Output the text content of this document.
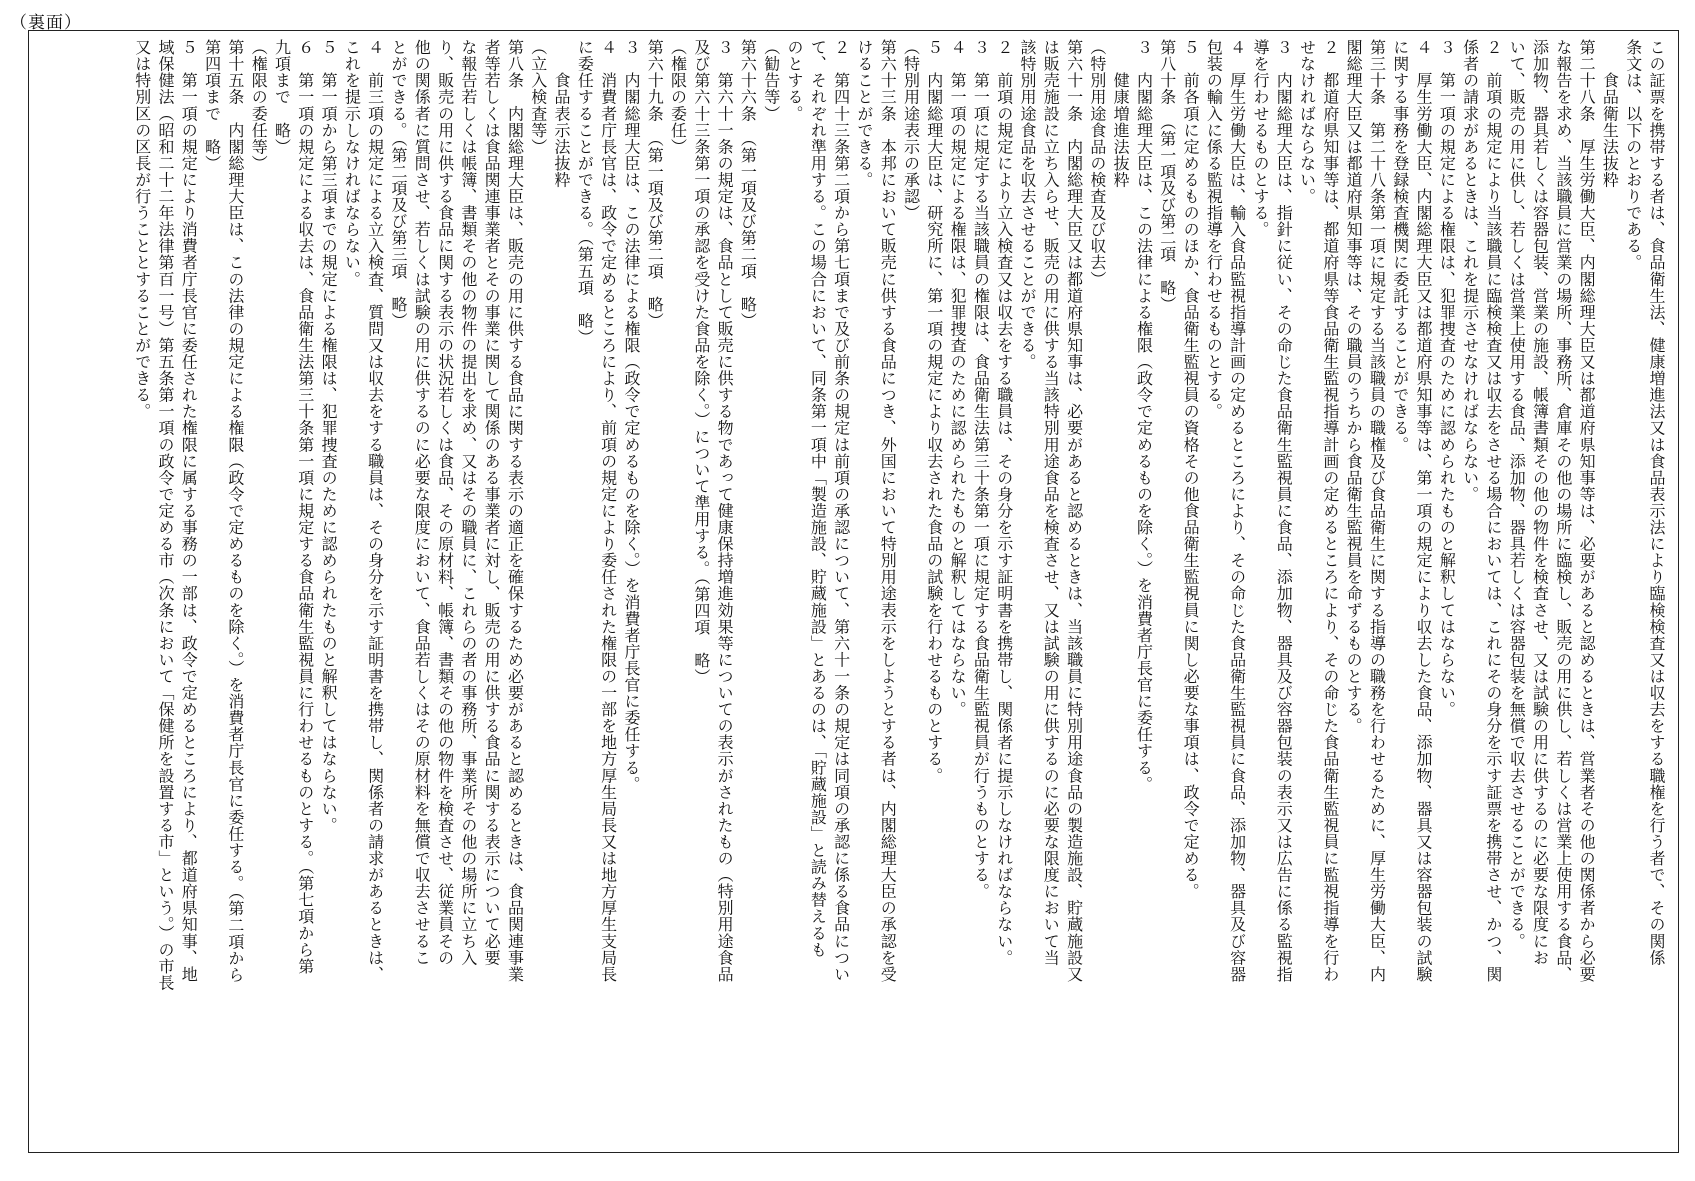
（裏面）

この証票を携帯する者は、食品衛生法、健康増進法又は食品表示法により臨検検査又は収去をする職権を行う者で、その関係

条文は、以下のとおりである。

　　食品衛生法抜粋

第二十八条　厚生労働大臣、内閣総理大臣又は都道府県知事等は、必要があると認めるときは、営業者その他の関係者から必要

な報告を求め、当該職員に営業の場所、事務所、倉庫その他の場所に臨検し、販売の用に供し、若しくは営業上使用する食品、

添加物、器具若しくは容器包装、営業の施設、帳簿書類その他の物件を検査させ、又は試験の用に供するのに必要な限度にお

いて、販売の用に供し、若しくは営業上使用する食品、添加物、器具若しくは容器包装を無償で収去させることができる。

２　前項の規定により当該職員に臨検検査又は収去をさせる場合においては、これにその身分を示す証票を携帯させ、かつ、関

係者の請求があるときは、これを提示させなければならない。

３　第一項の規定による権限は、犯罪捜査のために認められたものと解釈してはならない。

４　厚生労働大臣、内閣総理大臣又は都道府県知事等は、第一項の規定により収去した食品、添加物、器具又は容器包装の試験

に関する事務を登録検査機関に委託することができる。

第三十条　第二十八条第一項に規定する当該職員の職権及び食品衛生に関する指導の職務を行わせるために、厚生労働大臣、内

閣総理大臣又は都道府県知事等は、その職員のうちから食品衛生監視員を命ずるものとする。

２　都道府県知事等は、都道府県等食品衛生監視指導計画の定めるところにより、その命じた食品衛生監視員に監視指導を行わ

せなければならない。

３　内閣総理大臣は、指針に従い、その命じた食品衛生監視員に食品、添加物、器具及び容器包装の表示又は広告に係る監視指

導を行わせるものとする。

４　厚生労働大臣は、輸入食品監視指導計画の定めるところにより、その命じた食品衛生監視員に食品、添加物、器具及び容器

包装の輸入に係る監視指導を行わせるものとする。

５　前各項に定めるもののほか、食品衛生監視員の資格その他食品衛生監視員に関し必要な事項は、政令で定める。

第八十条　（第一項及び第二項　略）

３　内閣総理大臣は、この法律による権限（政令で定めるものを除く。）を消費者庁長官に委任する。

　　健康増進法抜粋

（特別用途食品の検査及び収去）

第六十一条　内閣総理大臣又は都道府県知事は、必要があると認めるときは、当該職員に特別用途食品の製造施設、貯蔵施設又

は販売施設に立ち入らせ、販売の用に供する当該特別用途食品を検査させ、又は試験の用に供するのに必要な限度において当

該特別用途食品を収去させることができる。

２　前項の規定により立入検査又は収去をする職員は、その身分を示す証明書を携帯し、関係者に提示しなければならない。

３　第一項に規定する当該職員の権限は、食品衛生法第三十条第一項に規定する食品衛生監視員が行うものとする。

４　第一項の規定による権限は、犯罪捜査のために認められたものと解釈してはならない。

５　内閣総理大臣は、研究所に、第一項の規定により収去された食品の試験を行わせるものとする。

（特別用途表示の承認）

第六十三条　本邦において販売に供する食品につき、外国において特別用途表示をしようとする者は、内閣総理大臣の承認を受

けることができる。

２　第四十三条第二項から第七項まで及び前条の規定は前項の承認について、第六十一条の規定は同項の承認に係る食品につい

て、それぞれ準用する。この場合において、同条第一項中「製造施設、貯蔵施設」とあるのは、「貯蔵施設」と読み替えるも

のとする。

（勧告等）

第六十六条　（第一項及び第二項　略）

３　第六十一条の規定は、食品として販売に供する物であって健康保持増進効果等についての表示がされたもの（特別用途食品

及び第六十三条第一項の承認を受けた食品を除く。）について準用する。（第四項　略）

（権限の委任）

第六十九条　（第一項及び第二項　略）

３　内閣総理大臣は、この法律による権限（政令で定めるものを除く。）を消費者庁長官に委任する。

４　消費者庁長官は、政令で定めるところにより、前項の規定により委任された権限の一部を地方厚生局長又は地方厚生支局長

に委任することができる。（第五項　略）

　　食品表示法抜粋

（立入検査等）

第八条　内閣総理大臣は、販売の用に供する食品に関する表示の適正を確保するため必要があると認めるときは、食品関連事業

者等若しくは食品関連事業者とその事業に関して関係のある事業者に対し、販売の用に供する食品に関する表示について必要

な報告若しくは帳簿、書類その他の物件の提出を求め、又はその職員に、これらの者の事務所、事業所その他の場所に立ち入

り、販売の用に供する食品に関する表示の状況若しくは食品、その原材料、帳簿、書類その他の物件を検査させ、従業員その

他の関係者に質問させ、若しくは試験の用に供するのに必要な限度において、食品若しくはその原材料を無償で収去させるこ

とができる。（第二項及び第三項　略）

４　前三項の規定による立入検査、質問又は収去をする職員は、その身分を示す証明書を携帯し、関係者の請求があるときは、

これを提示しなければならない。

５　第一項から第三項までの規定による権限は、犯罪捜査のために認められたものと解釈してはならない。

６　第一項の規定による収去は、食品衛生法第三十条第一項に規定する食品衛生監視員に行わせるものとする。（第七項から第

九項まで　略）

（権限の委任等）

第十五条　内閣総理大臣は、この法律の規定による権限（政令で定めるものを除く。）を消費者庁長官に委任する。（第二項から

第四項まで　略）

５　第一項の規定により消費者庁長官に委任された権限に属する事務の一部は、政令で定めるところにより、都道府県知事、地

域保健法（昭和二十二年法律第百一号）第五条第一項の政令で定める市（次条において「保健所を設置する市」という。）の市長

又は特別区の区長が行うこととすることができる。
